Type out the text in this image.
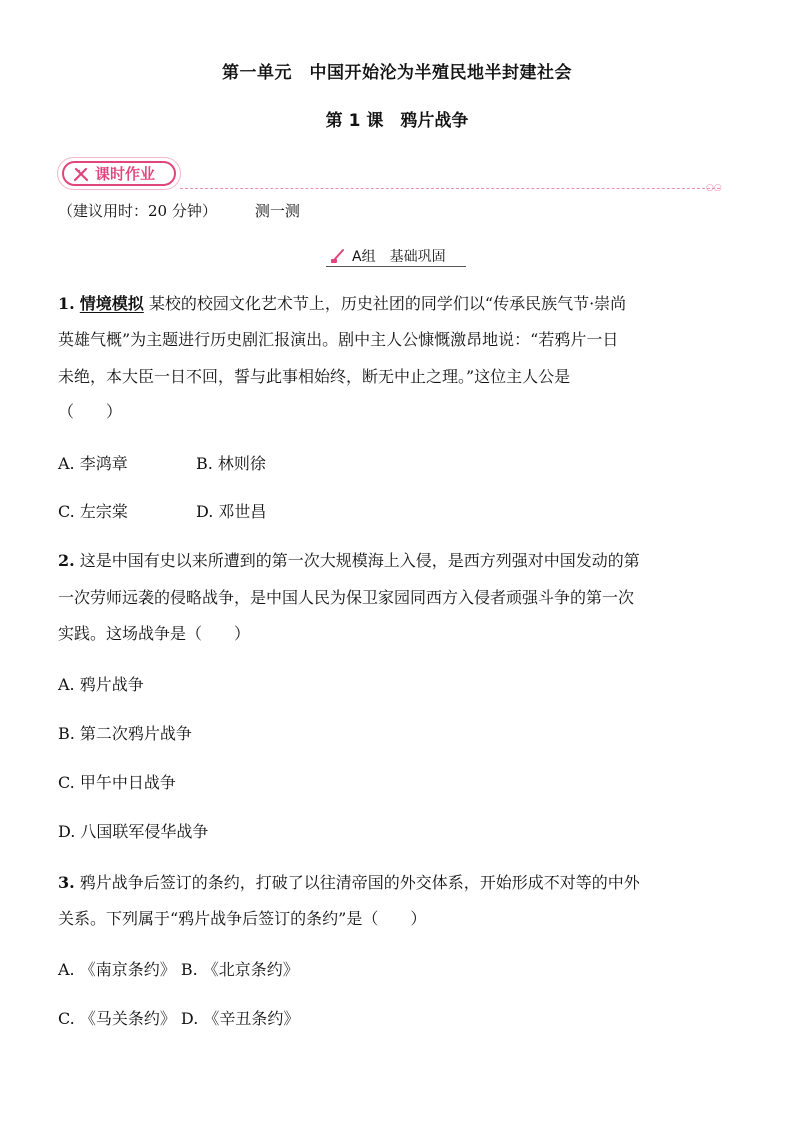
第一单元　中国开始沦为半殖民地半封建社会
第 1 课　鸦片战争
课时作业
○○
（建议用时：20 分钟）	测一测
A组　基础巩固
1. 情境模拟 某校的校园文化艺术节上，历史社团的同学们以“传承民族气节·崇尚
英雄气概”为主题进行历史剧汇报演出。剧中主人公慷慨激昂地说：“若鸦片一日
未绝，本大臣一日不回，誓与此事相始终，断无中止之理。”这位主人公是
（　　）
A. 李鸿章	B. 林则徐
C. 左宗棠	D. 邓世昌
2. 这是中国有史以来所遭到的第一次大规模海上入侵，是西方列强对中国发动的第
一次劳师远袭的侵略战争，是中国人民为保卫家园同西方入侵者顽强斗争的第一次
实践。这场战争是（　　）
A. 鸦片战争
B. 第二次鸦片战争
C. 甲午中日战争
D. 八国联军侵华战争
3. 鸦片战争后签订的条约，打破了以往清帝国的外交体系，开始形成不对等的中外
关系。下列属于“鸦片战争后签订的条约”是（　　）
A. 《南京条约》 B. 《北京条约》
C. 《马关条约》 D. 《辛丑条约》
